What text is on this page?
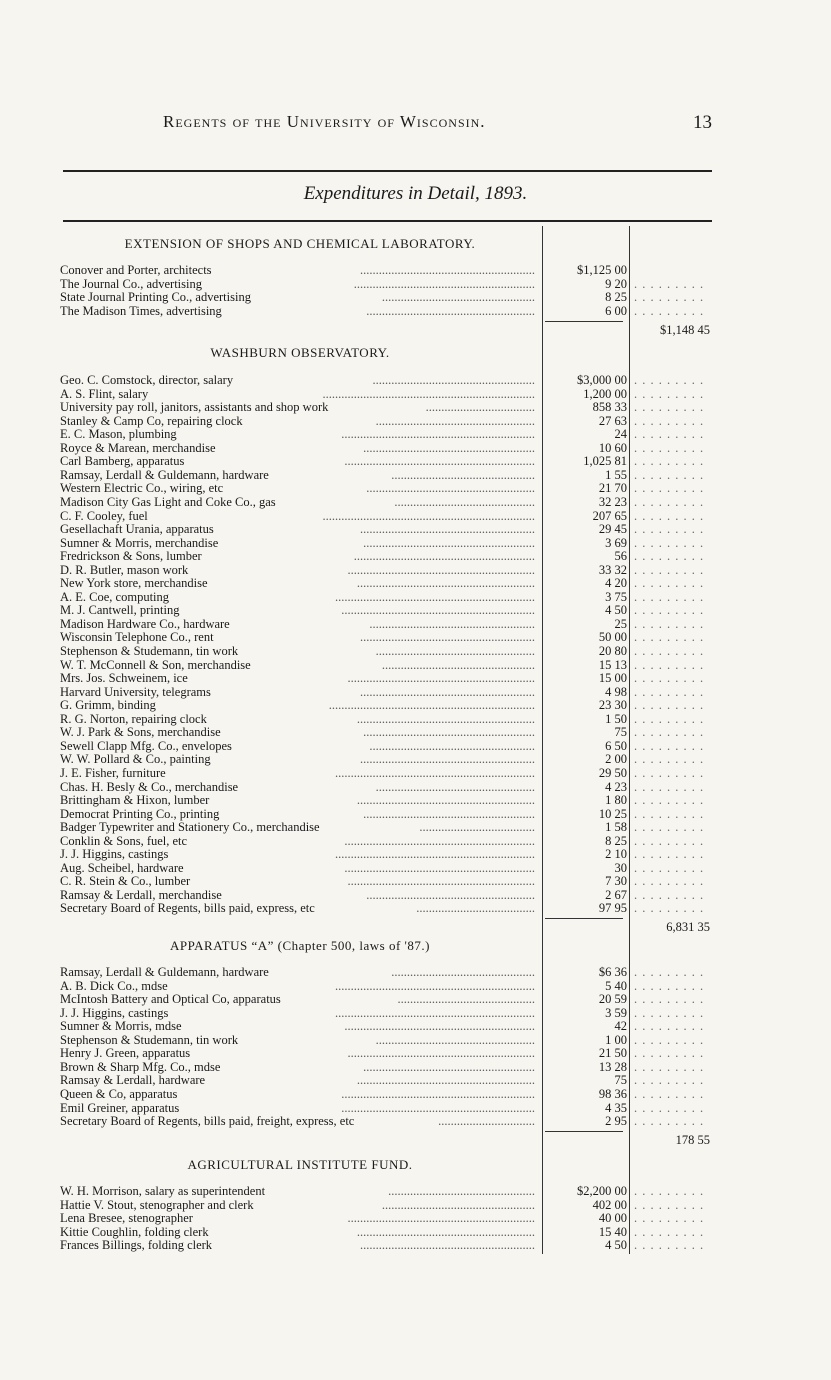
Regents of the University of Wisconsin.	13
Expenditures in Detail, 1893.
EXTENSION OF SHOPS AND CHEMICAL LABORATORY.
Conover and Porter, architects	........................................................	$1,125 00
The Journal Co., advertising	..........................................................	9 20 . . . . . . . . .
State Journal Printing Co., advertising	.................................................	8 25 . . . . . . . . .
The Madison Times, advertising	......................................................	6 00 . . . . . . . . .
$1,148 45
WASHBURN OBSERVATORY.
Geo. C. Comstock, director, salary	....................................................	$3,000 00 . . . . . . . . .
A. S. Flint, salary	....................................................................	1,200 00 . . . . . . . . .
University pay roll, janitors, assistants and shop work	...................................	858 33 . . . . . . . . .
Stanley & Camp Co, repairing clock	...................................................	27 63 . . . . . . . . .
E. C. Mason, plumbing	..............................................................	24 . . . . . . . . .
Royce & Marean, merchandise	.......................................................	10 60 . . . . . . . . .
Carl Bamberg, apparatus	.............................................................	1,025 81 . . . . . . . . .
Ramsay, Lerdall & Guldemann, hardware	..............................................	1 55 . . . . . . . . .
Western Electric Co., wiring, etc	......................................................	21 70 . . . . . . . . .
Madison City Gas Light and Coke Co., gas	.............................................	32 23 . . . . . . . . .
C. F. Cooley, fuel	....................................................................	207 65 . . . . . . . . .
Gesellachaft Urania, apparatus	........................................................	29 45 . . . . . . . . .
Sumner & Morris, merchandise	.......................................................	3 69 . . . . . . . . .
Fredrickson & Sons, lumber	..........................................................	56 . . . . . . . . .
D. R. Butler, mason work	............................................................	33 32 . . . . . . . . .
New York store, merchandise	.........................................................	4 20 . . . . . . . . .
A. E. Coe, computing	................................................................	3 75 . . . . . . . . .
M. J. Cantwell, printing	..............................................................	4 50 . . . . . . . . .
Madison Hardware Co., hardware	.....................................................	25 . . . . . . . . .
Wisconsin Telephone Co., rent	........................................................	50 00 . . . . . . . . .
Stephenson & Studemann, tin work	...................................................	20 80 . . . . . . . . .
W. T. McConnell & Son, merchandise	.................................................	15 13 . . . . . . . . .
Mrs. Jos. Schweinem, ice	............................................................	15 00 . . . . . . . . .
Harvard University, telegrams	........................................................	4 98 . . . . . . . . .
G. Grimm, binding	..................................................................	23 30 . . . . . . . . .
R. G. Norton, repairing clock	.........................................................	1 50 . . . . . . . . .
W. J. Park & Sons, merchandise	.......................................................	75 . . . . . . . . .
Sewell Clapp Mfg. Co., envelopes	.....................................................	6 50 . . . . . . . . .
W. W. Pollard & Co., painting	........................................................	2 00 . . . . . . . . .
J. E. Fisher, furniture	................................................................	29 50 . . . . . . . . .
Chas. H. Besly & Co., merchandise	...................................................	4 23 . . . . . . . . .
Brittingham & Hixon, lumber	.........................................................	1 80 . . . . . . . . .
Democrat Printing Co., printing	.......................................................	10 25 . . . . . . . . .
Badger Typewriter and Stationery Co., merchandise	.....................................	1 58 . . . . . . . . .
Conklin & Sons, fuel, etc	.............................................................	8 25 . . . . . . . . .
J. J. Higgins, castings	................................................................	2 10 . . . . . . . . .
Aug. Scheibel, hardware	.............................................................	30 . . . . . . . . .
C. R. Stein & Co., lumber	............................................................	7 30 . . . . . . . . .
Ramsay & Lerdall, merchandise	......................................................	2 67 . . . . . . . . .
Secretary Board of Regents, bills paid, express, etc	......................................	97 95 . . . . . . . . .
6,831 35
APPARATUS “A” (Chapter 500, laws of '87.)
Ramsay, Lerdall & Guldemann, hardware	..............................................	$6 36 . . . . . . . . .
A. B. Dick Co., mdse	................................................................	5 40 . . . . . . . . .
McIntosh Battery and Optical Co, apparatus	............................................	20 59 . . . . . . . . .
J. J. Higgins, castings	................................................................	3 59 . . . . . . . . .
Sumner & Morris, mdse	.............................................................	42 . . . . . . . . .
Stephenson & Studemann, tin work	...................................................	1 00 . . . . . . . . .
Henry J. Green, apparatus	............................................................	21 50 . . . . . . . . .
Brown & Sharp Mfg. Co., mdse	.......................................................	13 28 . . . . . . . . .
Ramsay & Lerdall, hardware	.........................................................	75 . . . . . . . . .
Queen & Co, apparatus	..............................................................	98 36 . . . . . . . . .
Emil Greiner, apparatus	..............................................................	4 35 . . . . . . . . .
Secretary Board of Regents, bills paid, freight, express, etc	...............................	2 95 . . . . . . . . .
178 55
AGRICULTURAL INSTITUTE FUND.
W. H. Morrison, salary as superintendent	...............................................	$2,200 00 . . . . . . . . .
Hattie V. Stout, stenographer and clerk	.................................................	402 00 . . . . . . . . .
Lena Bresee, stenographer	............................................................	40 00 . . . . . . . . .
Kittie Coughlin, folding clerk	.........................................................	15 40 . . . . . . . . .
Frances Billings, folding clerk	........................................................	4 50 . . . . . . . . .
